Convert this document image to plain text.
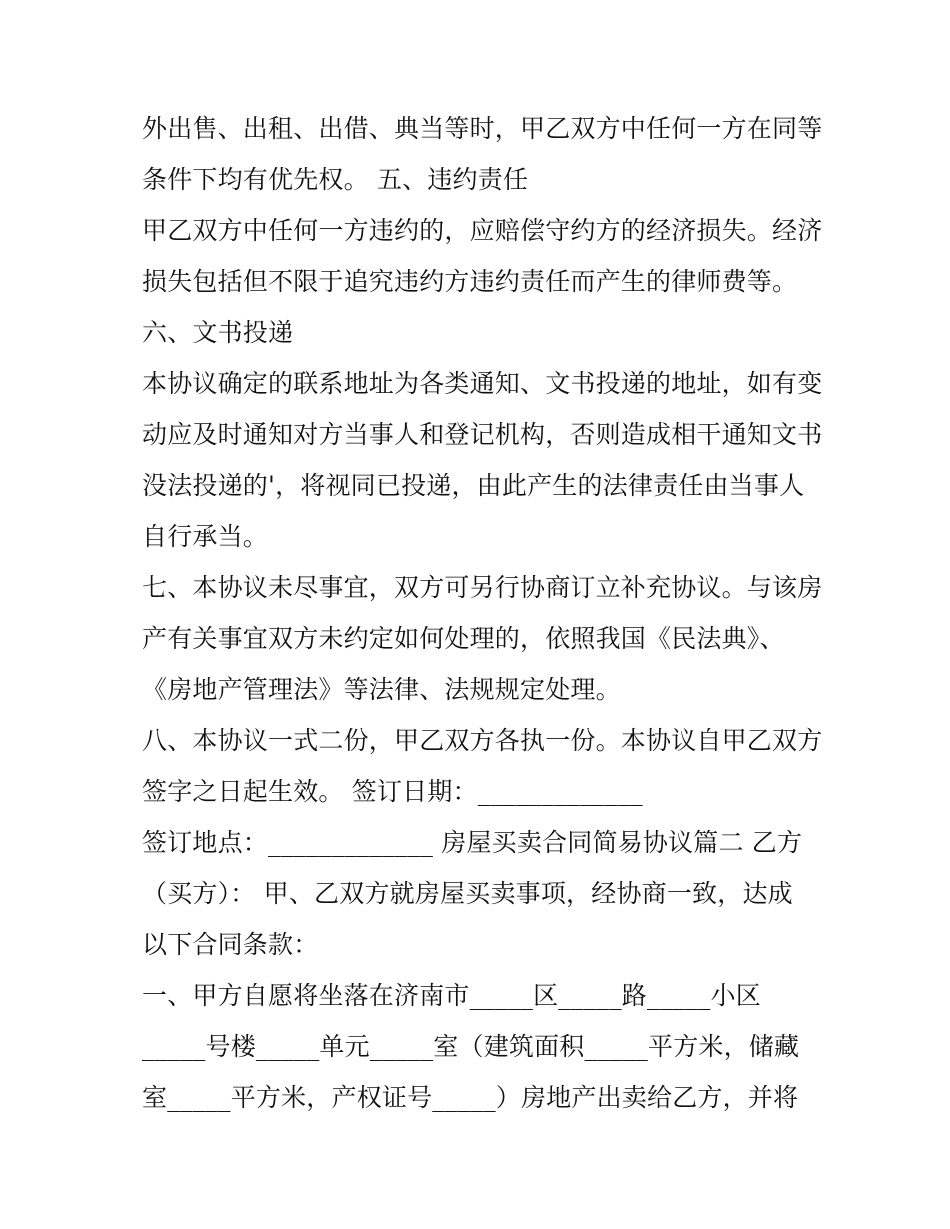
外出售、出租、出借、典当等时，甲乙双方中任何一方在同等
条件下均有优先权。 五、违约责任
甲乙双方中任何一方违约的，应赔偿守约方的经济损失。经济
损失包括但不限于追究违约方违约责任而产生的律师费等。
六、文书投递
本协议确定的联系地址为各类通知、文书投递的地址，如有变
动应及时通知对方当事人和登记机构，否则造成相干通知文书
没法投递的'，将视同已投递，由此产生的法律责任由当事人
自行承当。
七、本协议未尽事宜，双方可另行协商订立补充协议。与该房
产有关事宜双方未约定如何处理的，依照我国《民法典》、
《房地产管理法》等法律、法规规定处理。
八、本协议一式二份，甲乙双方各执一份。本协议自甲乙双方
签字之日起生效。 签订日期：_____________
签订地点：_____________ 房屋买卖合同简易协议篇二 乙方
（买方）： 甲、乙双方就房屋买卖事项，经协商一致，达成
以下合同条款：
一、甲方自愿将坐落在济南市_____区_____路_____小区
_____号楼_____单元_____室（建筑面积_____平方米，储藏
室_____平方米，产权证号_____）房地产出卖给乙方，并将
